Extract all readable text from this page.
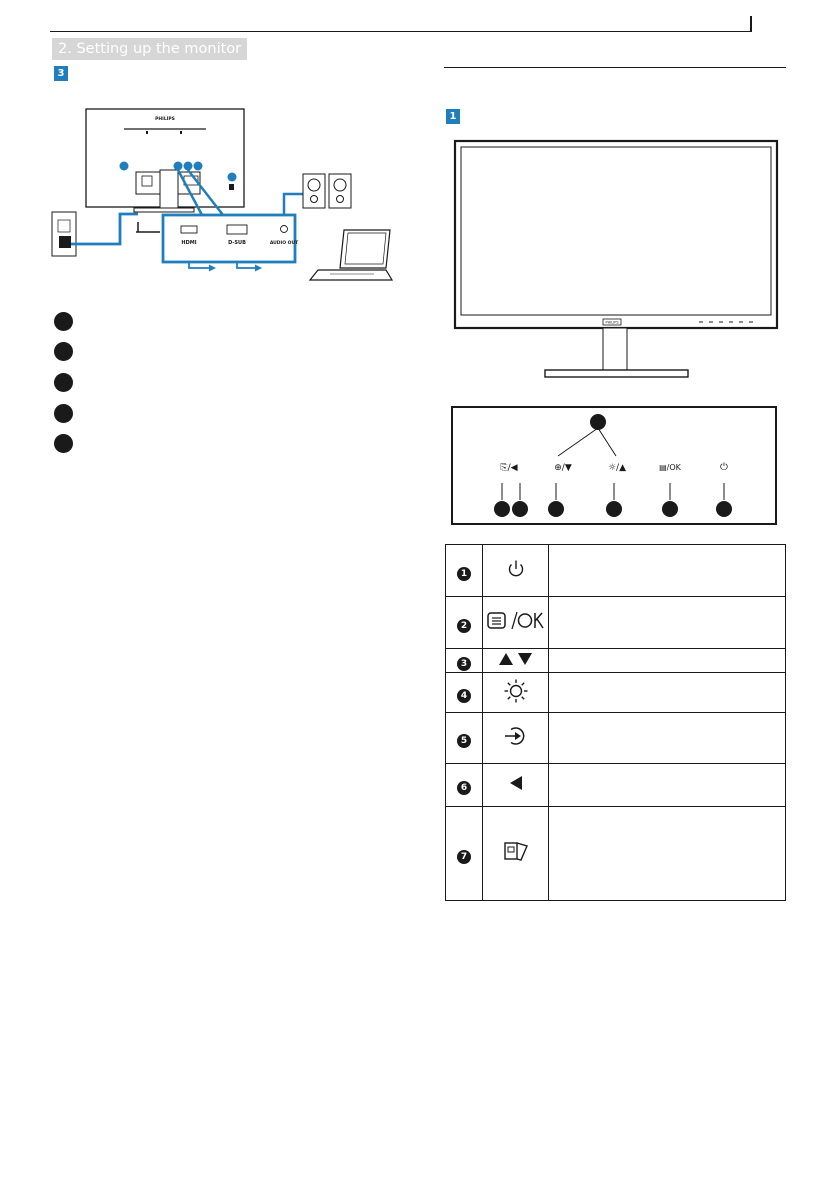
2. Setting up the monitor
3
1
PHILIPS
HDMI	D-SUB	AUDIO OUT
PHILIPS
⎘/◀	⊕/▼	☼/▲	▤/OK	⏻
1		
2		
3		
4		
5		
6		
7		
